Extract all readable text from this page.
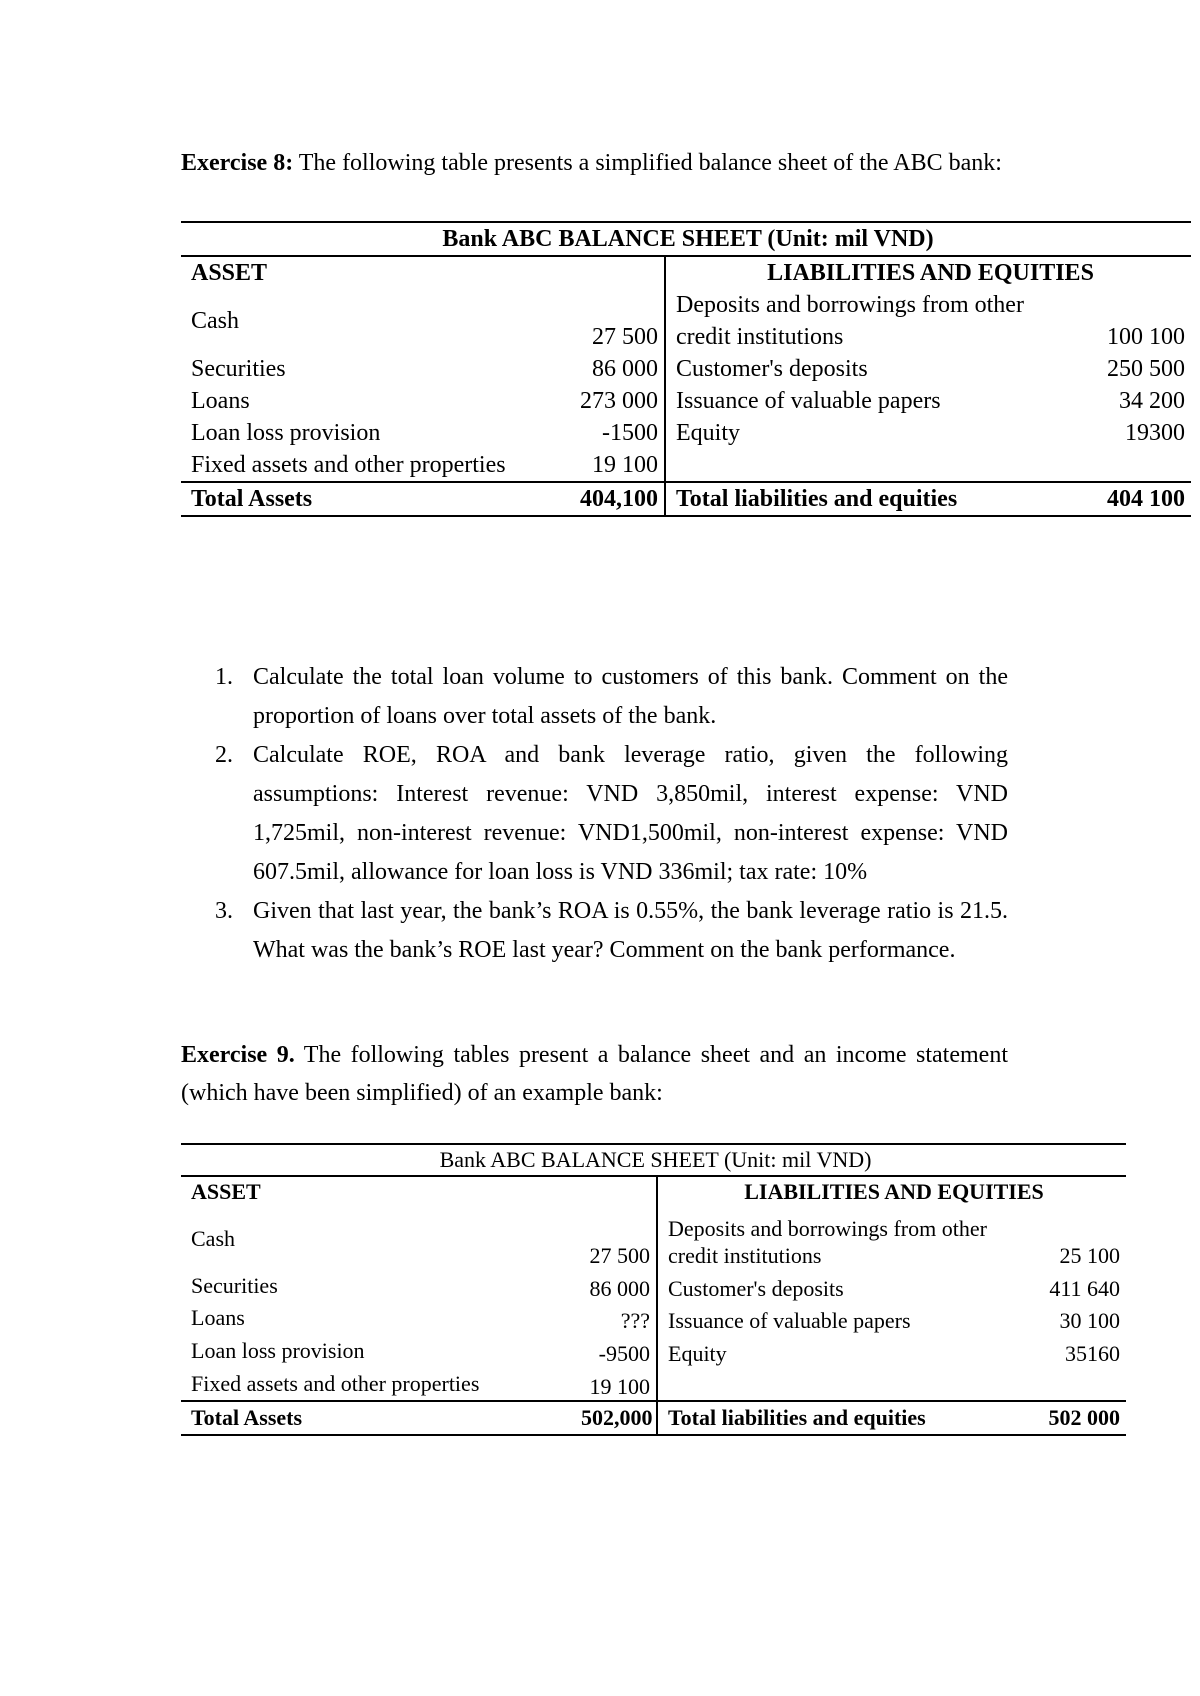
Exercise 8: The following table presents a simplified balance sheet of the ABC bank:
Bank ABC BALANCE SHEET (Unit: mil VND)			
ASSET		LIABILITIES AND EQUITIES	
Cash	27 500	Deposits and borrowings from other credit institutions	100 100
Securities	86 000	Customer's deposits	250 500
Loans	273 000	Issuance of valuable papers	34 200
Loan loss provision	-1500	Equity	19300
Fixed assets and other properties	19 100		
Total Assets	404,100	Total liabilities and equities	404 100
1. Calculate the total loan volume to customers of this bank. Comment on the proportion of loans over total assets of the bank.
2. Calculate ROE, ROA and bank leverage ratio, given the following assumptions: Interest revenue: VND 3,850mil, interest expense: VND 1,725mil, non-interest revenue: VND1,500mil, non-interest expense: VND 607.5mil, allowance for loan loss is VND 336mil; tax rate: 10%
3. Given that last year, the bank’s ROA is 0.55%, the bank leverage ratio is 21.5. What was the bank’s ROE last year? Comment on the bank performance.
Exercise 9. The following tables present a balance sheet and an income statement (which have been simplified) of an example bank:
Bank ABC BALANCE SHEET (Unit: mil VND)			
ASSET		LIABILITIES AND EQUITIES	
Cash	27 500	Deposits and borrowings from other credit institutions	25 100
Securities	86 000	Customer's deposits	411 640
Loans	???	Issuance of valuable papers	30 100
Loan loss provision	-9500	Equity	35160
Fixed assets and other properties	19 100		
Total Assets	502,000	Total liabilities and equities	502 000
